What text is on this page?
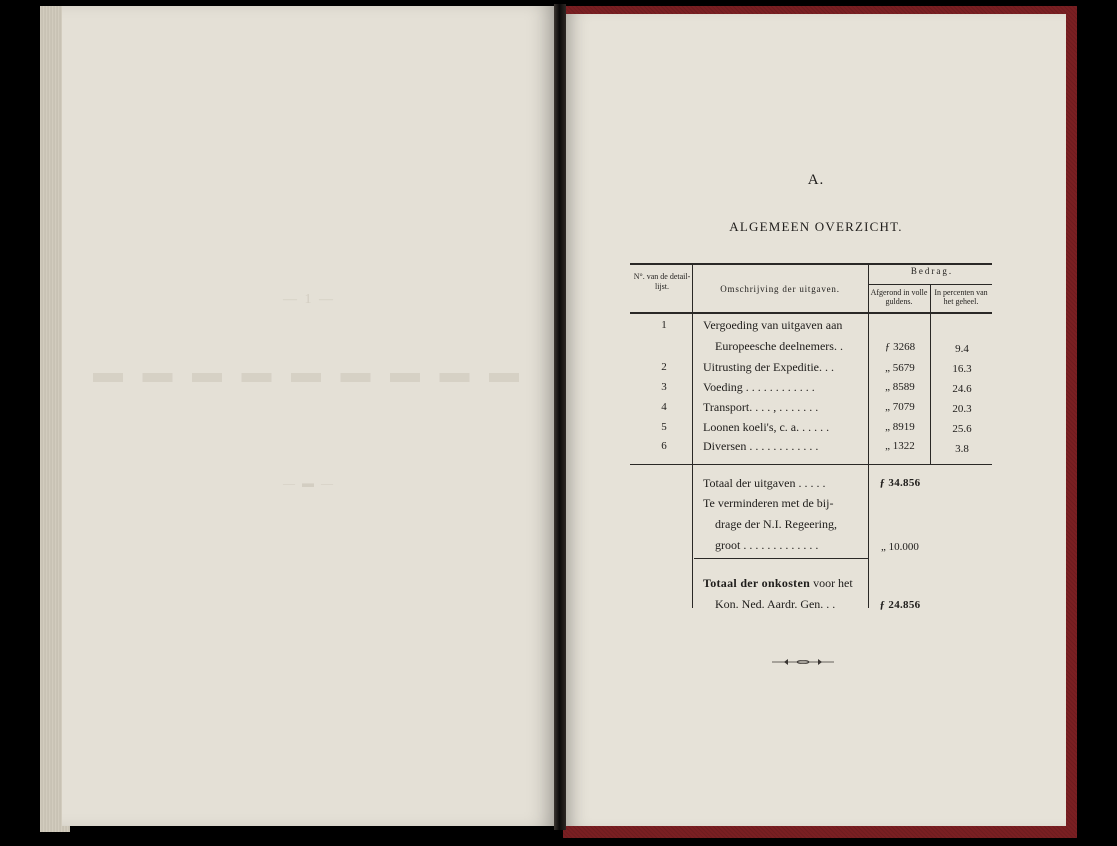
— 1 —
▬ ▬ ▬ ▬ ▬ ▬ ▬ ▬ ▬
— ▬ —
A.
ALGEMEEN OVERZICHT.
N°. van de detail-lijst.	Omschrijving der uitgaven.
Bedrag.
Afgerond in volle guldens.
In percenten van het geheel.
1	Vergoeding van uitgaven aan
Europeesche deelnemers. .	ƒ 3268	9.4
2	Uitrusting der Expeditie. . .	„ 5679	16.3
3	Voeding . . . . . . . . . . . .	„ 8589	24.6
4	Transport. . . . , . . . . . . .	„ 7079	20.3
5	Loonen koeli's, c. a. . . . . .	„ 8919	25.6
6	Diversen . . . . . . . . . . . .	„ 1322	3.8
Totaal der uitgaven . . . . .	ƒ 34.856
Te verminderen met de bij-
drage der N.I. Regeering,
groot . . . . . . . . . . . . .	„ 10.000
Totaal der onkosten voor het
Kon. Ned. Aardr. Gen. . .	ƒ 24.856
